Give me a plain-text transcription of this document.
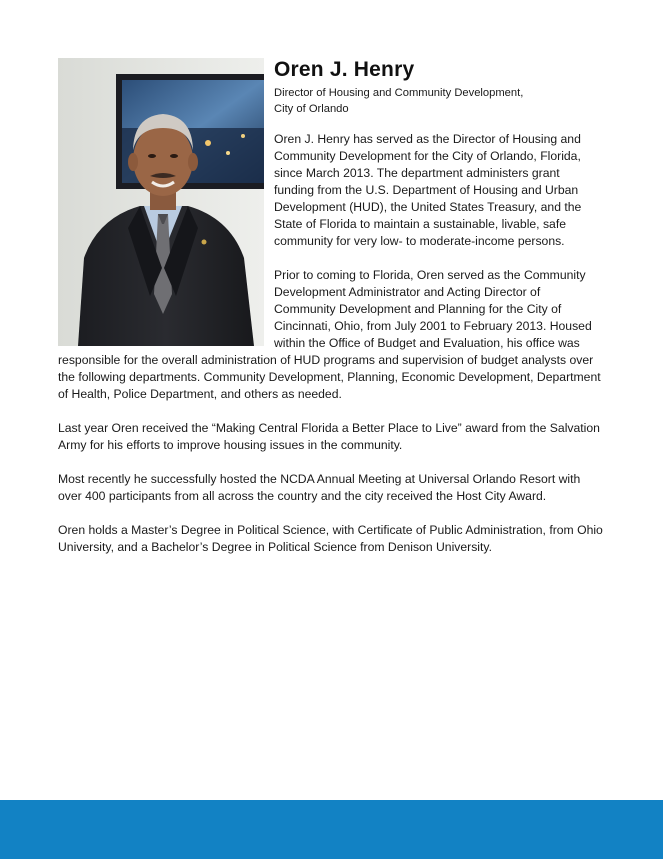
Oren J. Henry

Director of Housing and Community Development,

City of Orlando

Oren J. Henry has served as the Director of Housing and Community Development for the City of Orlando, Florida, since March 2013. The department administers grant funding from the U.S. Department of Housing and Urban Development (HUD), the United States Treasury, and the State of Florida to maintain a sustainable, livable, safe community for very low- to moderate-income persons.

Prior to coming to Florida, Oren served as the Community Development Administrator and Acting Director of Community Development and Planning for the City of Cincinnati, Ohio, from July 2001 to February 2013. Housed within the Office of Budget and Evaluation, his office was responsible for the overall administration of HUD programs and supervision of budget analysts over the following departments. Community Development, Planning, Economic Development, Department of Health, Police Department, and others as needed.

Last year Oren received the “Making Central Florida a Better Place to Live” award from the Salvation Army for his efforts to improve housing issues in the community.

Most recently he successfully hosted the NCDA Annual Meeting at Universal Orlando Resort with over 400 participants from all across the country and the city received the Host City Award.

Oren holds a Master’s Degree in Political Science, with Certificate of Public Administration, from Ohio University, and a Bachelor’s Degree in Political Science from Denison University.
